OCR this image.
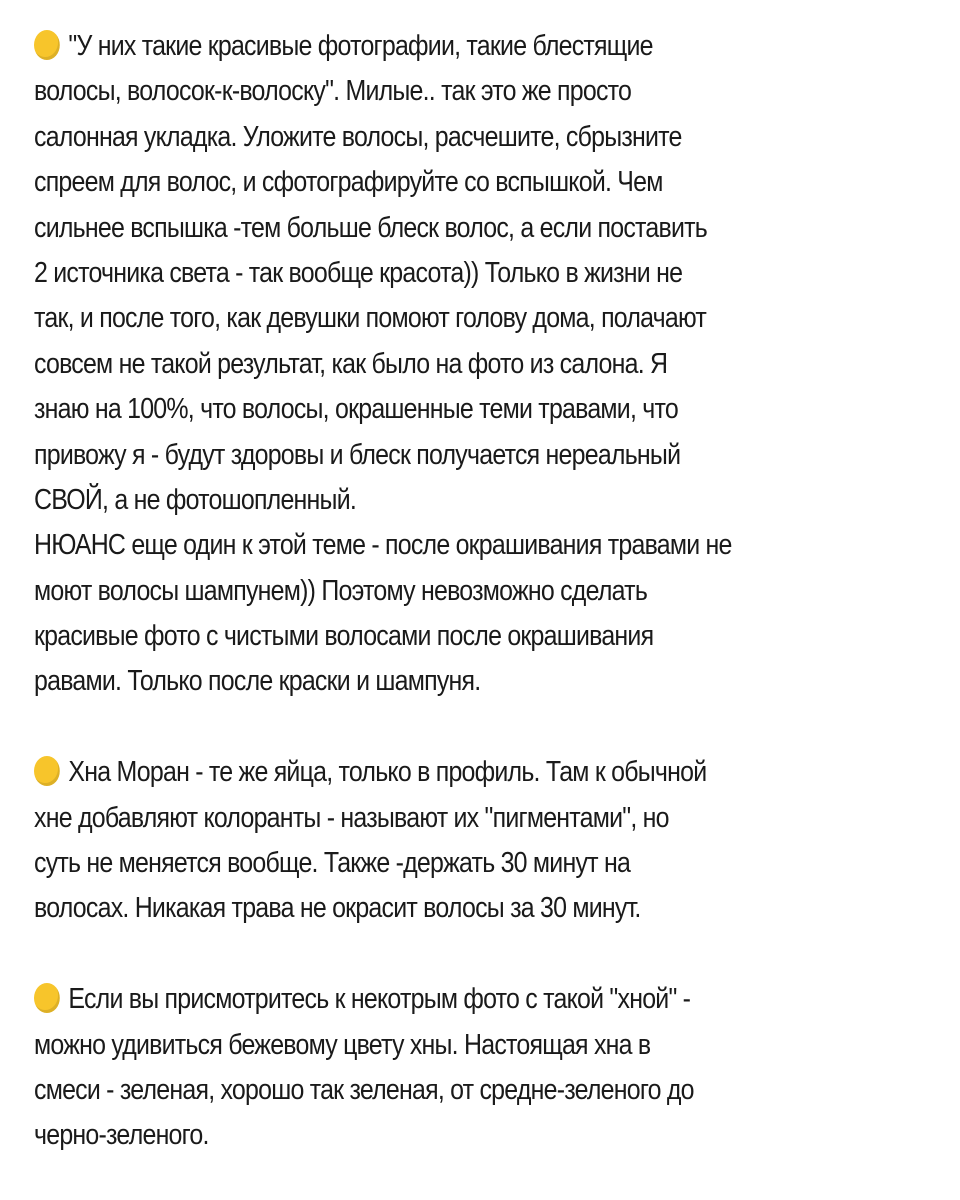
"У них такие красивые фотографии, такие блестящие
волосы, волосок-к-волоску". Милые.. так это же просто
салонная укладка. Уложите волосы, расчешите, сбрызните
спреем для волос, и сфотографируйте со вспышкой. Чем
сильнее вспышка -тем больше блеск волос, а если поставить
2 источника света - так вообще красота)) Только в жизни не
так, и после того, как девушки помоют голову дома, полачают
совсем не такой результат, как было на фото из салона. Я
знаю на 100%, что волосы, окрашенные теми травами, что
привожу я - будут здоровы и блеск получается нереальный
СВОЙ, а не фотошопленный.
НЮАНС еще один к этой теме - после окрашивания травами не
моют волосы шампунем)) Поэтому невозможно сделать
красивые фото с чистыми волосами после окрашивания
равами. Только после краски и шампуня.
Хна Моран - те же яйца, только в профиль. Там к обычной
хне добавляют колоранты - называют их "пигментами", но
суть не меняется вообще. Также -держать 30 минут на
волосах. Никакая трава не окрасит волосы за 30 минут.
Если вы присмотритесь к некотрым фото с такой "хной" -
можно удивиться бежевому цвету хны. Настоящая хна в
смеси - зеленая, хорошо так зеленая, от средне-зеленого до
черно-зеленого.
